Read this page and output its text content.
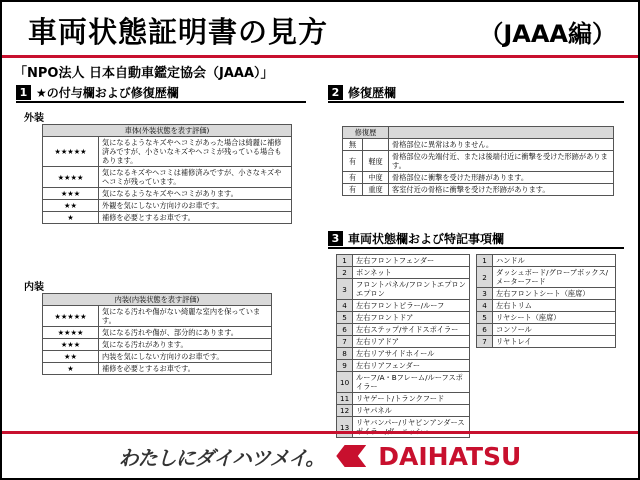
車両状態証明書の見方	（JAAA編）
「NPO法人 日本自動車鑑定協会（JAAA）」
1 ★の付与欄および修復歴欄	2 修復歴欄
3 車両状態欄および特記事項欄
外装
車体(外装状態を表す評価)	
★★★★★	気になるようなキズやヘコミがあった場合は綺麗に補修済みですが、小さいなキズやヘコミが残っている場合もあります。
★★★★	気になるキズやヘコミは補修済みですが、小さなキズやヘコミが残っています。
★★★	気になるようなキズやヘコミがあります。
★★	外観を気にしない方向けのお車です。
★	補修を必要とするお車です。
内装
内装(内装状態を表す評価)	
★★★★★	気になる汚れや傷がない綺麗な室内を保っています。
★★★★	気になる汚れや傷が、部分的にあります。
★★★	気になる汚れがあります。
★★	内装を気にしない方向けのお車です。
★	補修を必要とするお車です。
修復歴		
無		骨格部位に異常はありません。
有	軽度	骨格部位の先端付近、または後端付近に衝撃を受けた形跡があります。
有	中度	骨格部位に衝撃を受けた形跡があります。
有	重度	客室付近の骨格に衝撃を受けた形跡があります。
1	左右フロントフェンダー
2	ボンネット
3	フロントパネル/フロントエプロンエプロン
4	左右フロントピラー/ルーフ
5	左右フロントドア
6	左右ステップ/サイドスポイラー
7	左右リアドア
8	左右リアサイドホイール
9	左右リアフェンダー
10	ルーフ/A・Bフレーム/ルーフスポイラー
11	リヤゲート/トランクフード
12	リヤパネル
13	リヤバンパー/リヤビンアンダースポイラー/ガーニッシュ
1	ハンドル
2	ダッシュボード/グローブボックス/メーターフード
3	左右フロントシート（座席）
4	左右トリム
5	リヤシート（座席）
6	コンソール
7	リヤトレイ
わたしにダイハツメイ。 DAIHATSU
